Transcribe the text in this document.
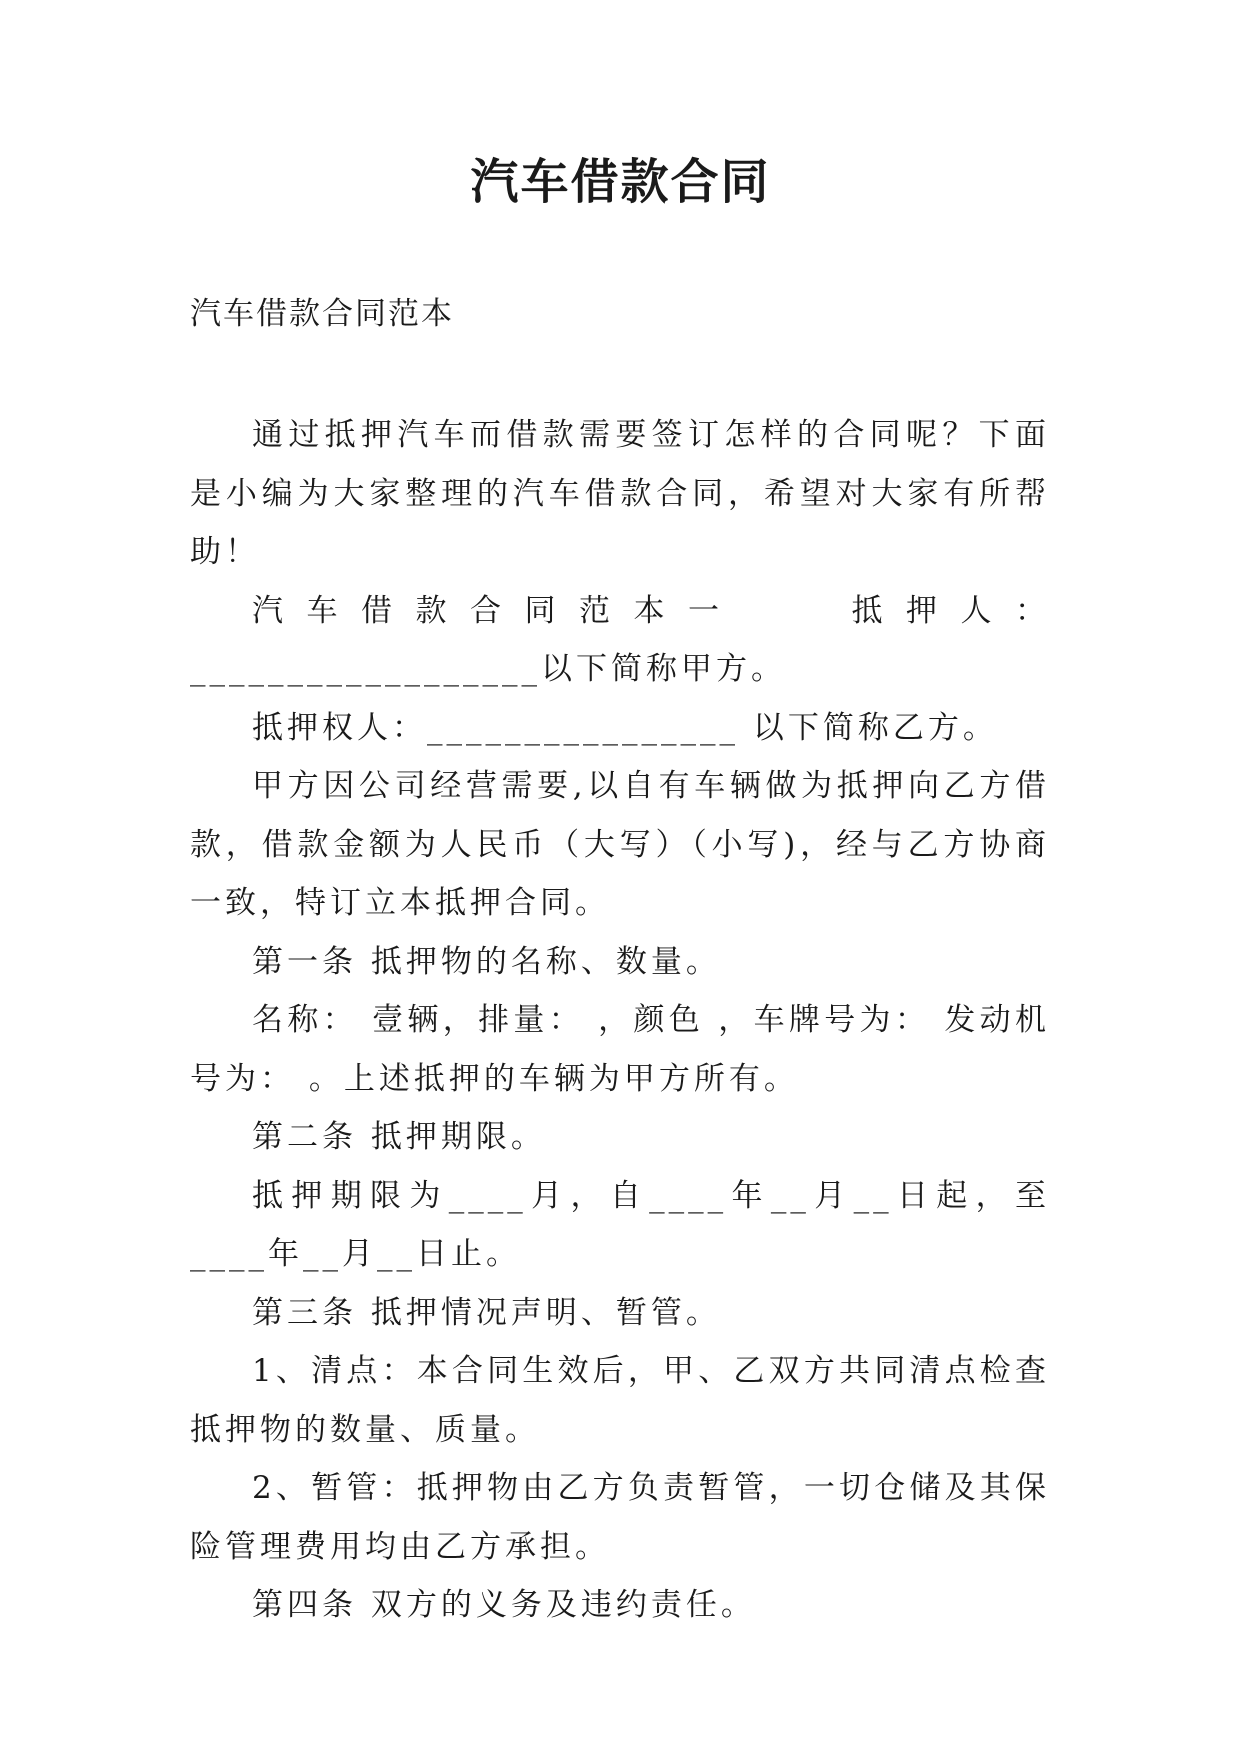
汽车借款合同

汽车借款合同范本

通过抵押汽车而借款需要签订怎样的合同呢？下面是小编为大家整理的汽车借款合同，希望对大家有所帮助！

汽车借款合同范本一　　抵押人：__________________以下简称甲方。

抵押权人：________________ 以下简称乙方。

甲方因公司经营需要,以自有车辆做为抵押向乙方借款，借款金额为人民币（大写）（小写)，经与乙方协商一致，特订立本抵押合同。

第一条 抵押物的名称、数量。

名称： 壹辆，排量： ，颜色 ，车牌号为： 发动机号为： 。上述抵押的车辆为甲方所有。

第二条 抵押期限。

抵押期限为____月，自____年__月__日起，至____年__月__日止。

第三条 抵押情况声明、暂管。

1、清点：本合同生效后，甲、乙双方共同清点检查抵押物的数量、质量。

2、暂管：抵押物由乙方负责暂管，一切仓储及其保险管理费用均由乙方承担。

第四条 双方的义务及违约责任。
